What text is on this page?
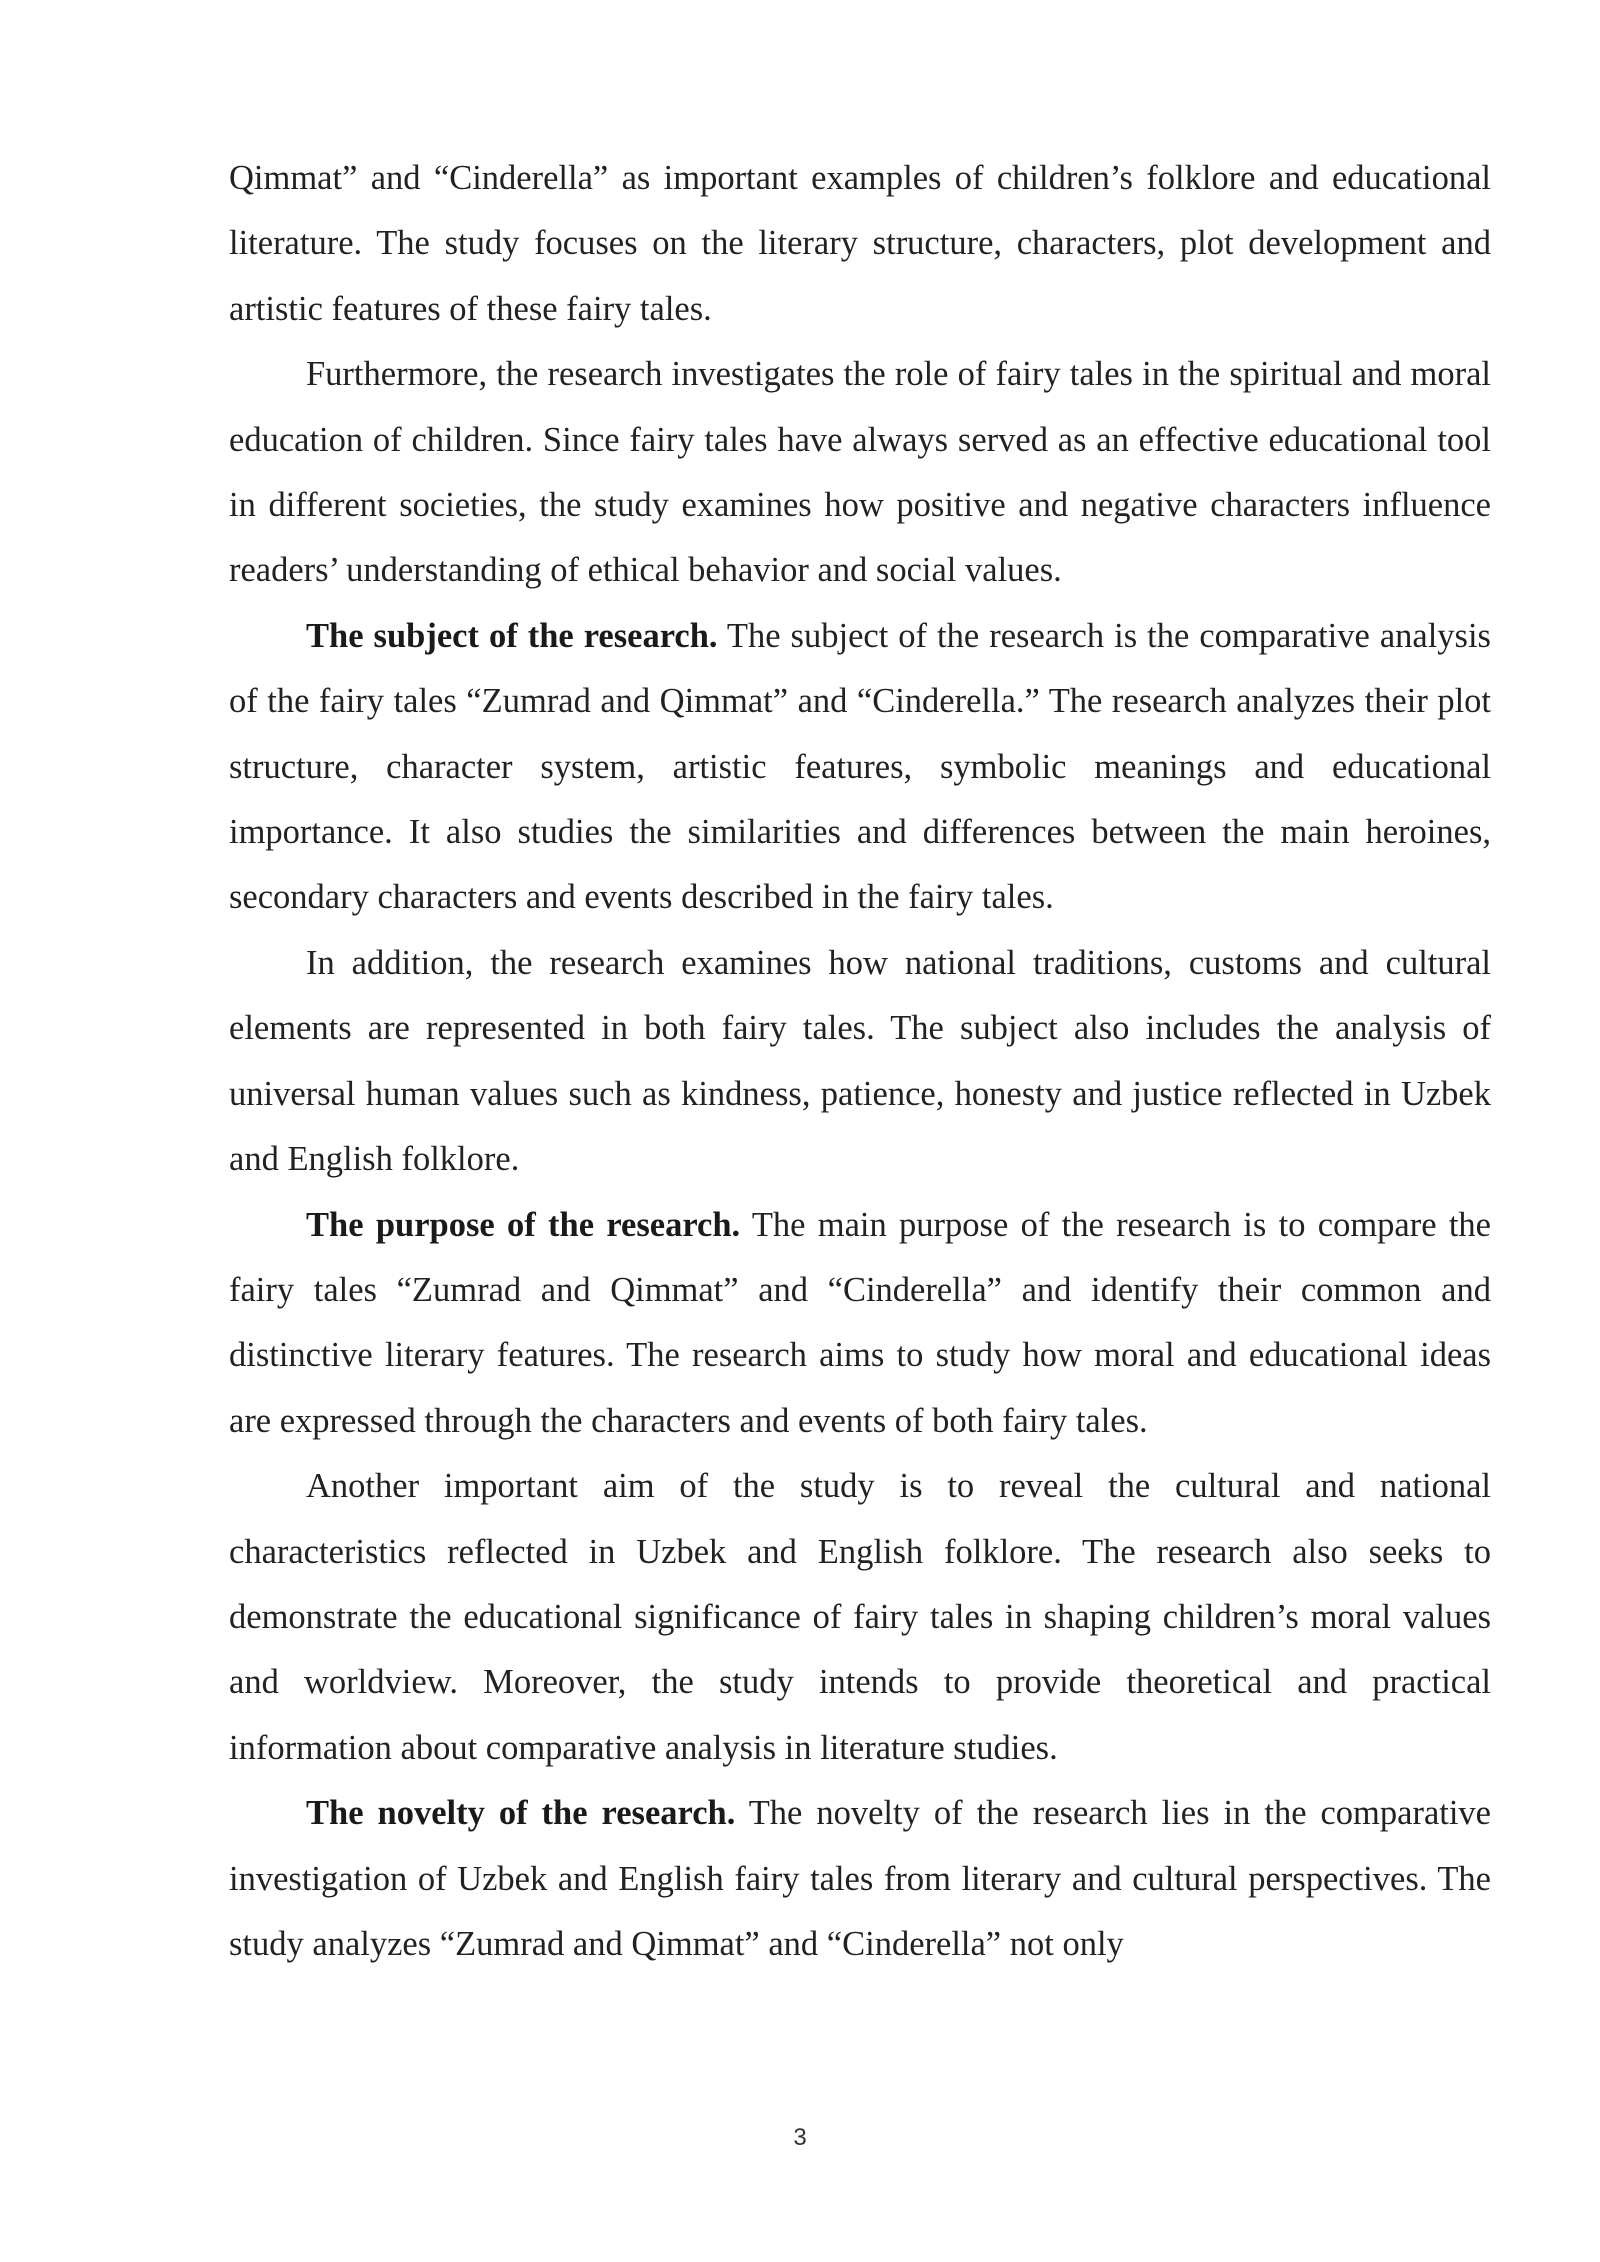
Qimmat” and “Cinderella” as important examples of children’s folklore and educational literature. The study focuses on the literary structure, characters, plot development and artistic features of these fairy tales.

Furthermore, the research investigates the role of fairy tales in the spiritual and moral education of children. Since fairy tales have always served as an effective educational tool in different societies, the study examines how positive and negative characters influence readers’ understanding of ethical behavior and social values.

The subject of the research. The subject of the research is the comparative analysis of the fairy tales “Zumrad and Qimmat” and “Cinderella.” The research analyzes their plot structure, character system, artistic features, symbolic meanings and educational importance. It also studies the similarities and differences between the main heroines, secondary characters and events described in the fairy tales.

In addition, the research examines how national traditions, customs and cultural elements are represented in both fairy tales. The subject also includes the analysis of universal human values such as kindness, patience, honesty and justice reflected in Uzbek and English folklore.

The purpose of the research. The main purpose of the research is to compare the fairy tales “Zumrad and Qimmat” and “Cinderella” and identify their common and distinctive literary features. The research aims to study how moral and educational ideas are expressed through the characters and events of both fairy tales.

Another important aim of the study is to reveal the cultural and national characteristics reflected in Uzbek and English folklore. The research also seeks to demonstrate the educational significance of fairy tales in shaping children’s moral values and worldview. Moreover, the study intends to provide theoretical and practical information about comparative analysis in literature studies.

The novelty of the research. The novelty of the research lies in the comparative investigation of Uzbek and English fairy tales from literary and cultural perspectives. The study analyzes “Zumrad and Qimmat” and “Cinderella” not only

3
